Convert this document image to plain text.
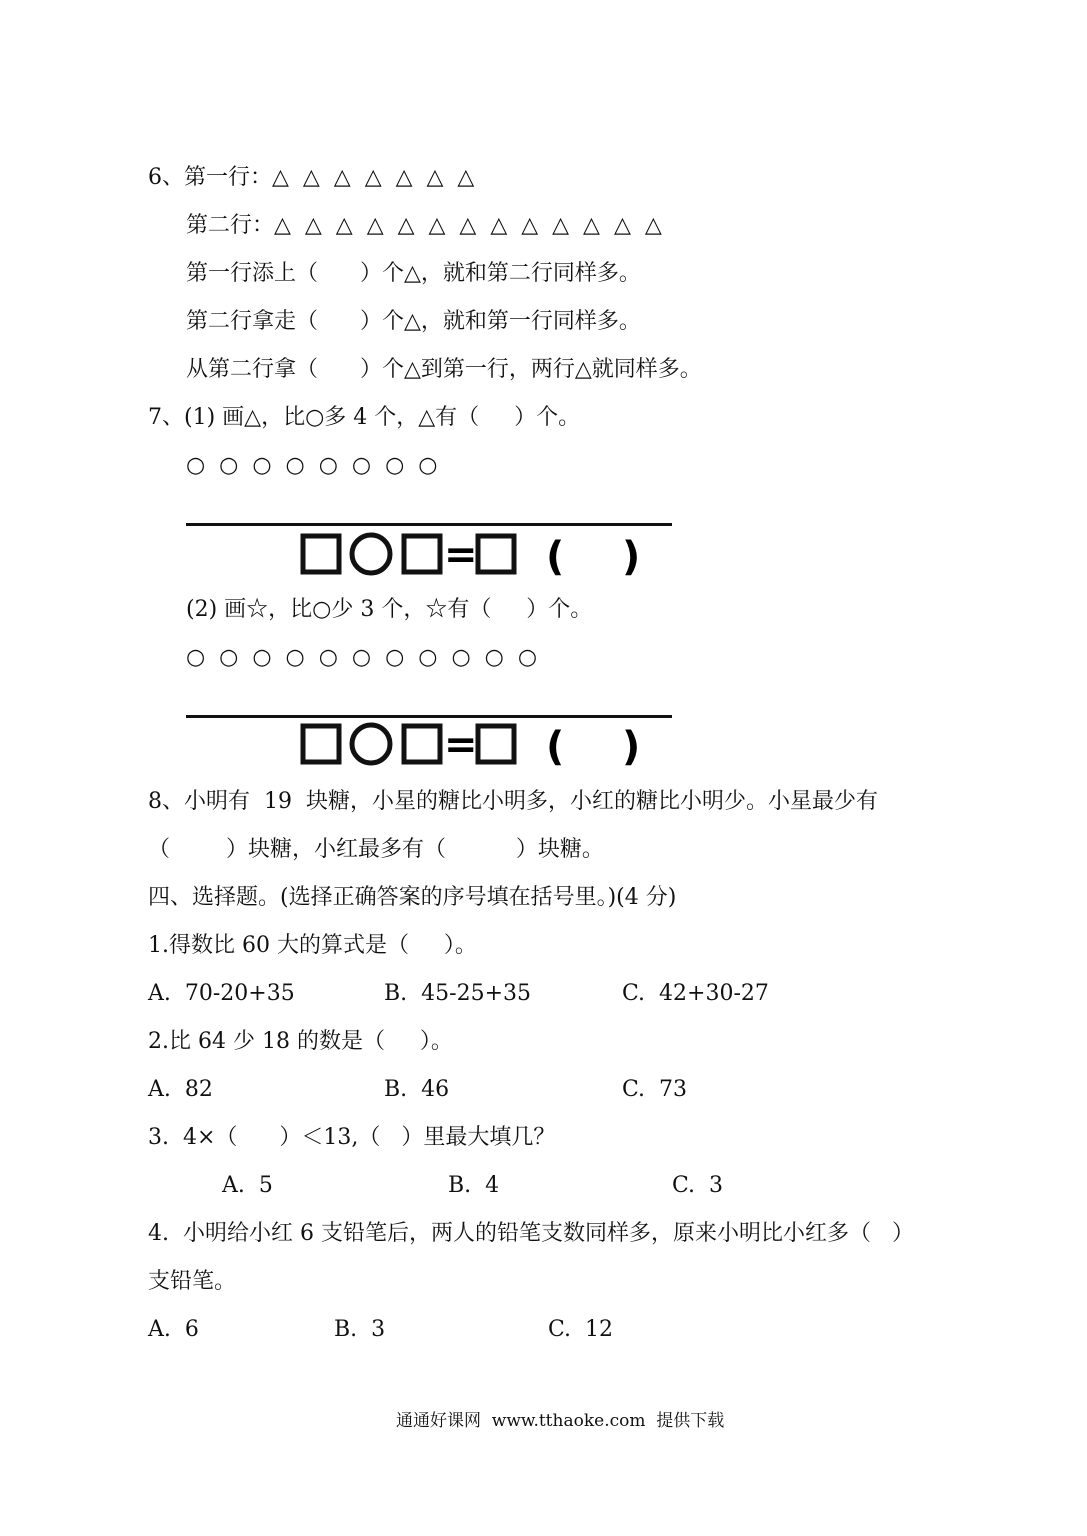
6、第一行：△  △  △  △  △  △  △
第二行：△  △  △  △  △  △  △  △  △  △  △  △  △
第一行添上（      ）个△，就和第二行同样多。
第二行拿走（      ）个△，就和第一行同样多。
从第二行拿（      ）个△到第一行，两行△就同样多。
7、(1) 画△，比○多 4 个，△有（     ）个。
○  ○  ○  ○  ○  ○  ○  ○
= ( )
(2) 画☆，比○少 3 个，☆有（     ）个。
○  ○  ○  ○  ○  ○  ○  ○  ○  ○  ○
= ( )
8、小明有  19  块糖，小星的糖比小明多，小红的糖比小明少。小星最少有
（        ）块糖，小红最多有（          ）块糖。
四、选择题。(选择正确答案的序号填在括号里。)(4 分)
1.得数比 60 大的算式是（     ）。
A.  70-20+35	B.  45-25+35	C.  42+30-27
2.比 64 少 18 的数是（     ）。
A.  82	B.  46	C.  73
3.  4×（      ）＜13,（   ）里最大填几？
A.  5	B.  4	C.  3
4.  小明给小红 6 支铅笔后，两人的铅笔支数同样多，原来小明比小红多（   ）
支铅笔。
A.  6	B.  3	C.  12
通通好课网  www.tthaoke.com  提供下载
